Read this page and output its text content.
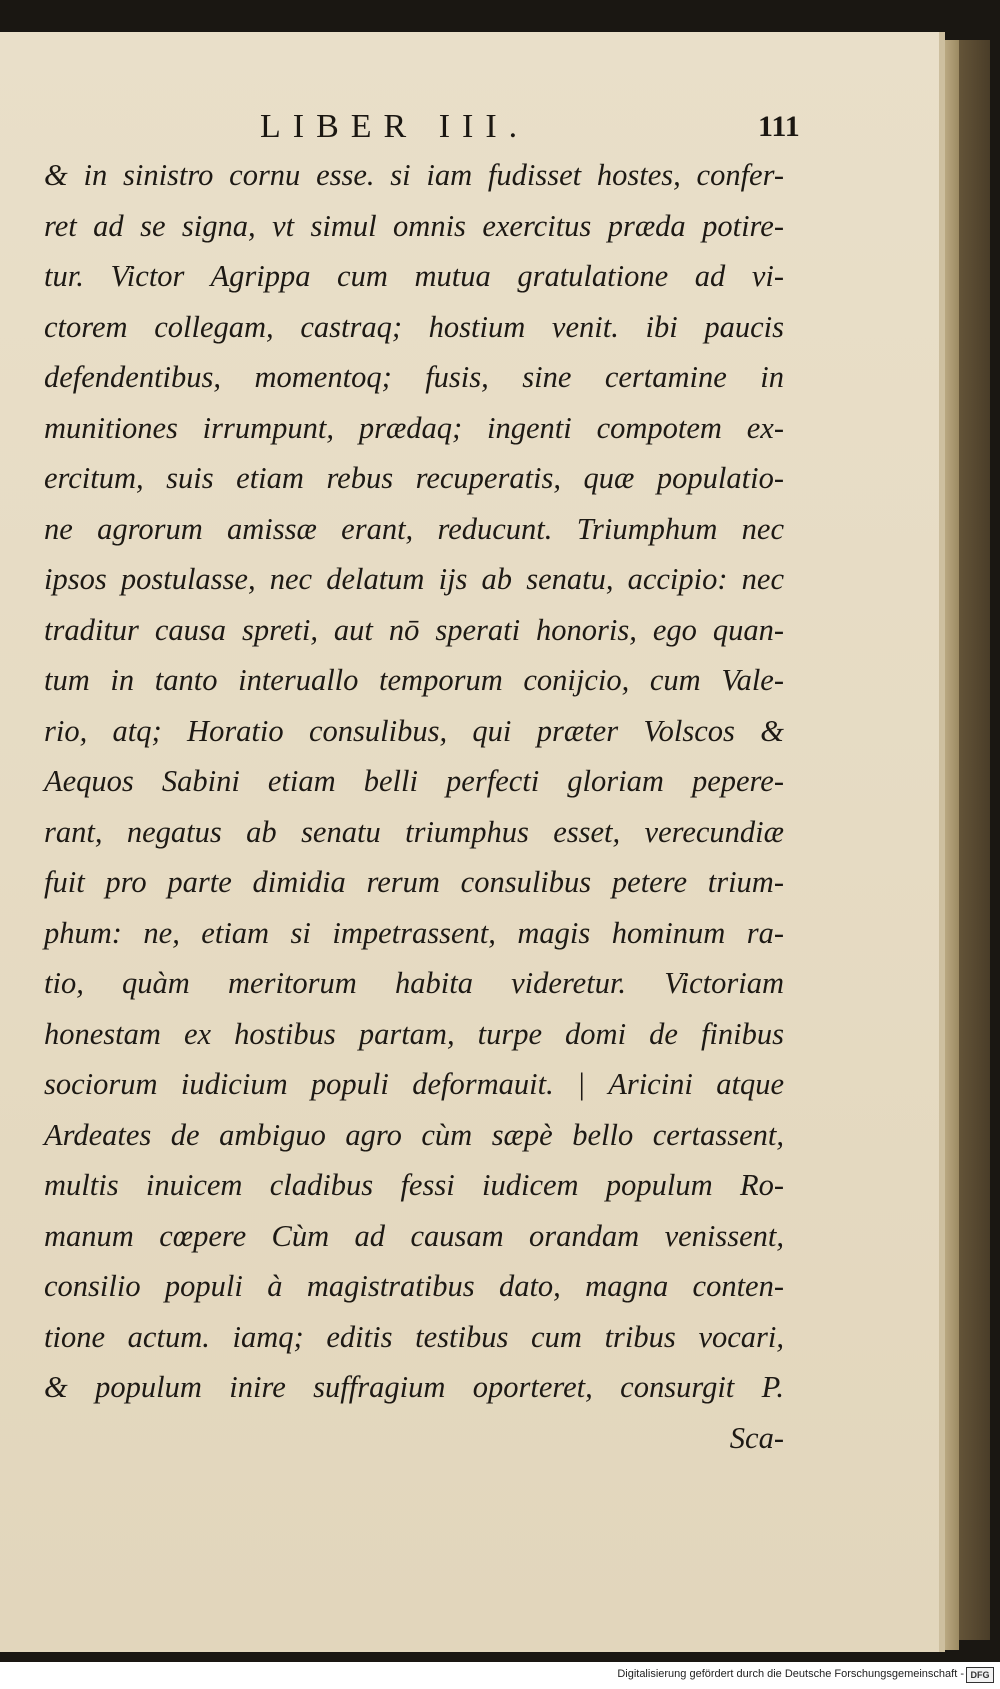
LIBER III.	111
& in sinistro cornu esse. si iam fudisset hostes, confer-
ret ad se signa, vt simul omnis exercitus præda potire-
tur. Victor Agrippa cum mutua gratulatione ad vi-
ctorem collegam, castraq; hostium venit. ibi paucis
defendentibus, momentoq; fusis, sine certamine in
munitiones irrumpunt, prædaq; ingenti compotem ex-
ercitum, suis etiam rebus recuperatis, quæ populatio-
ne agrorum amissæ erant, reducunt. Triumphum nec
ipsos postulasse, nec delatum ijs ab senatu, accipio: nec
traditur causa spreti, aut nō sperati honoris, ego quan-
tum in tanto interuallo temporum conijcio, cum Vale-
rio, atq; Horatio consulibus, qui præter Volscos &
Aequos Sabini etiam belli perfecti gloriam pepere-
rant, negatus ab senatu triumphus esset, verecundiæ
fuit pro parte dimidia rerum consulibus petere trium-
phum: ne, etiam si impetrassent, magis hominum ra-
tio, quàm meritorum habita videretur. Victoriam
honestam ex hostibus partam, turpe domi de finibus
sociorum iudicium populi deformauit. | Aricini atque
Ardeates de ambiguo agro cùm sæpè bello certassent,
multis inuicem cladibus fessi iudicem populum Ro-
manum cœpere Cùm ad causam orandam venissent,
consilio populi à magistratibus dato, magna conten-
tione actum. iamq; editis testibus cum tribus vocari,
& populum inire suffragium oporteret, consurgit P.
Sca-
Digitalisierung gefördert durch die Deutsche Forschungsgemeinschaft - DFG
